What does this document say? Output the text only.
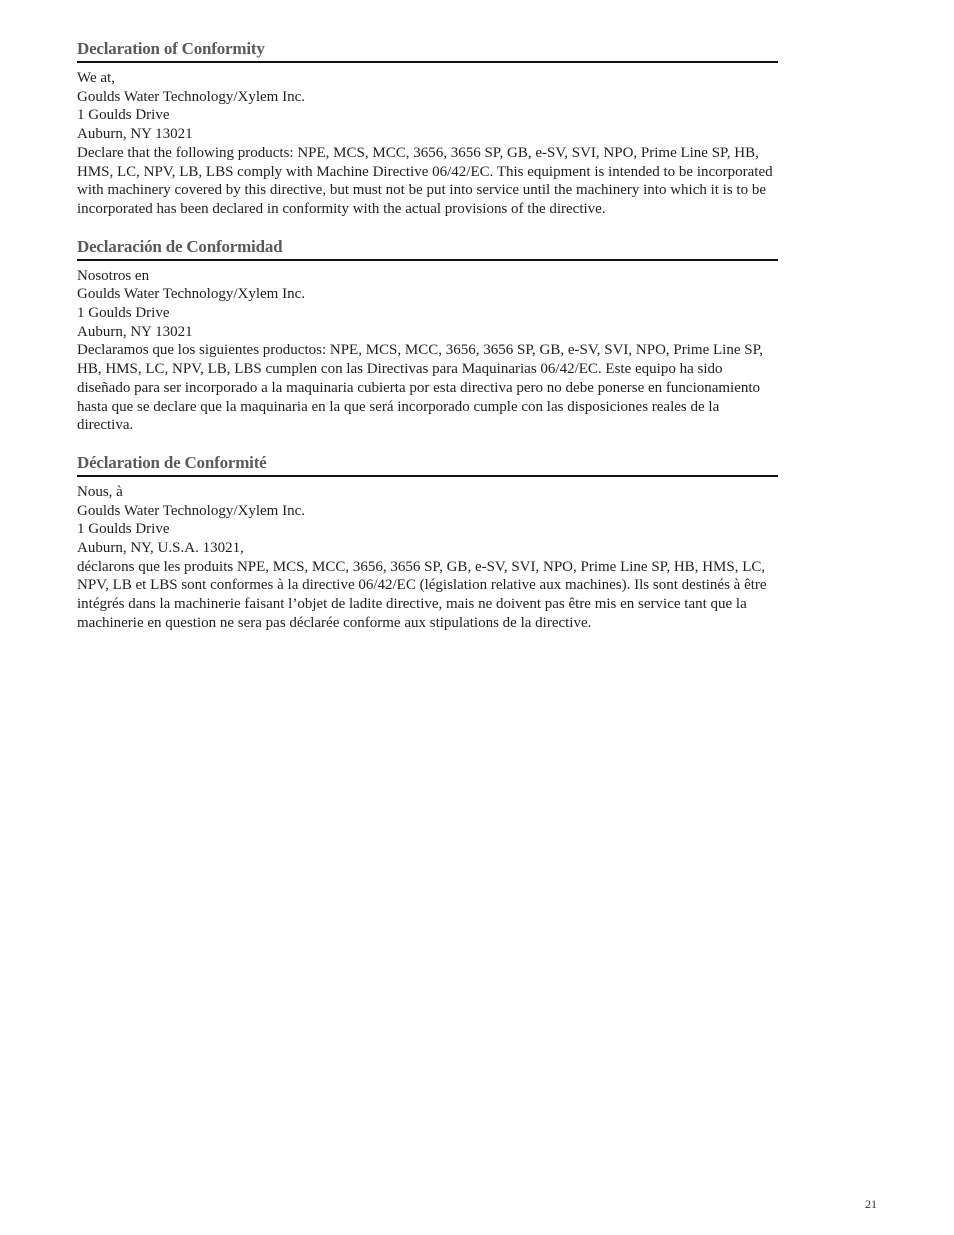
Declaration of Conformity

We at,

Goulds Water Technology/Xylem Inc.

1 Goulds Drive

Auburn, NY 13021

Declare that the following products: NPE, MCS, MCC, 3656, 3656 SP, GB, e-SV, SVI, NPO, Prime Line SP, HB, HMS, LC, NPV, LB, LBS comply with Machine Directive 06/42/EC. This equipment is intended to be incorporated with machinery covered by this directive, but must not be put into service until the machinery into which it is to be incorporated has been declared in conformity with the actual provisions of the directive.

Declaración de Conformidad

Nosotros en

Goulds Water Technology/Xylem Inc.

1 Goulds Drive

Auburn, NY 13021

Declaramos que los siguientes productos: NPE, MCS, MCC, 3656, 3656 SP, GB, e-SV, SVI, NPO, Prime Line SP, HB, HMS, LC, NPV, LB, LBS cumplen con las Directivas para Maquinarias 06/42/EC. Este equipo ha sido diseñado para ser incorporado a la maquinaria cubierta por esta directiva pero no debe ponerse en funcionamiento hasta que se declare que la maquinaria en la que será incorporado cumple con las disposiciones reales de la directiva.

Déclaration de Conformité

Nous, à

Goulds Water Technology/Xylem Inc.

1 Goulds Drive

Auburn, NY, U.S.A. 13021,

déclarons que les produits NPE, MCS, MCC, 3656, 3656 SP, GB, e-SV, SVI, NPO, Prime Line SP, HB, HMS, LC, NPV, LB et LBS sont conformes à la directive 06/42/EC (législation relative aux machines). Ils sont destinés à être intégrés dans la machinerie faisant l’objet de ladite directive, mais ne doivent pas être mis en service tant que la machinerie en question ne sera pas déclarée conforme aux stipulations de la directive.

21
